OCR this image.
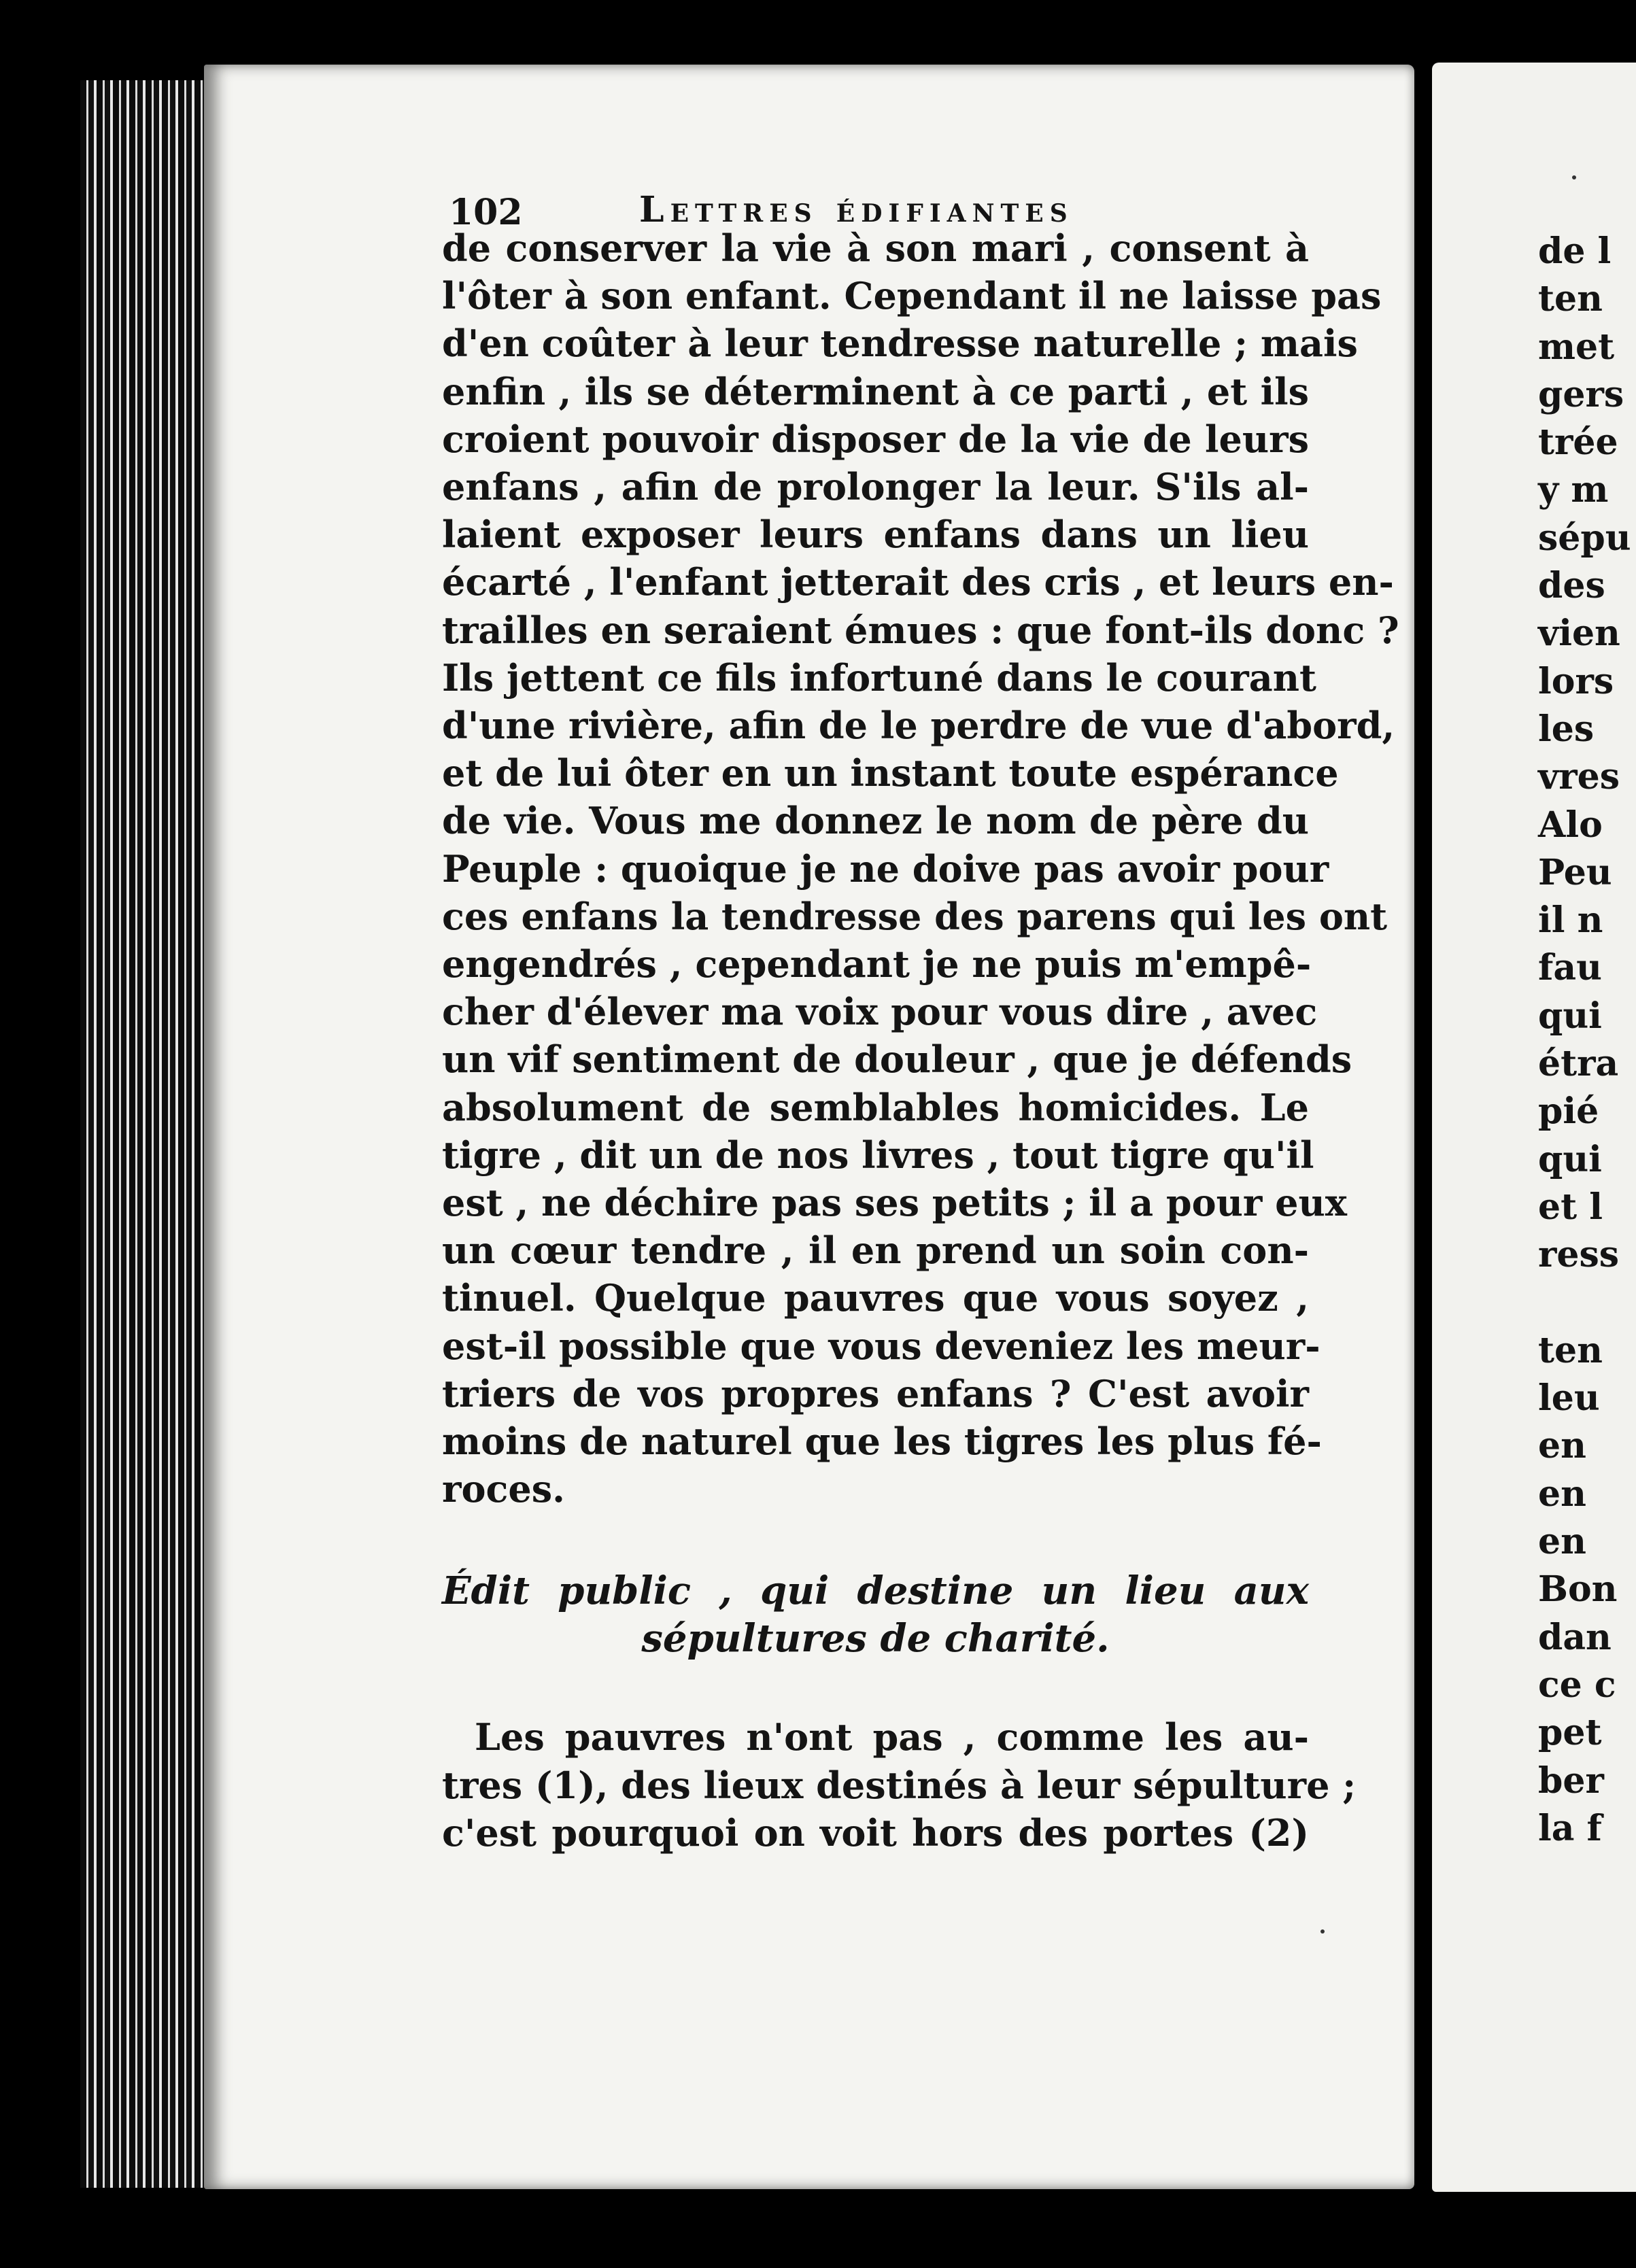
102	Lettres édifiantes
de conserver la vie à son mari , consent à
l'ôter à son enfant. Cependant il ne laisse pas
d'en coûter à leur tendresse naturelle ; mais
enfin , ils se déterminent à ce parti , et ils
croient pouvoir disposer de la vie de leurs
enfans , afin de prolonger la leur. S'ils al-
laient exposer leurs enfans dans un lieu
écarté , l'enfant jetterait des cris , et leurs en-
trailles en seraient émues : que font-ils donc ?
Ils jettent ce fils infortuné dans le courant
d'une rivière, afin de le perdre de vue d'abord,
et de lui ôter en un instant toute espérance
de vie. Vous me donnez le nom de père du
Peuple : quoique je ne doive pas avoir pour
ces enfans la tendresse des parens qui les ont
engendrés , cependant je ne puis m'empê-
cher d'élever ma voix pour vous dire , avec
un vif sentiment de douleur , que je défends
absolument de semblables homicides. Le
tigre , dit un de nos livres , tout tigre qu'il
est , ne déchire pas ses petits ; il a pour eux
un cœur tendre , il en prend un soin con-
tinuel. Quelque pauvres que vous soyez ,
est-il possible que vous deveniez les meur-
triers de vos propres enfans ? C'est avoir
moins de naturel que les tigres les plus fé-
roces.
Édit public , qui destine un lieu aux
sépultures de charité.
Les pauvres n'ont pas , comme les au-
tres (1), des lieux destinés à leur sépulture ;
c'est pourquoi on voit hors des portes (2)
de l
ten
met
gers
trée
y m
sépu
des
vien
lors
les
vres
Alo
Peu
il n
fau
qui
étra
pié
qui
et l
ress
ten
leu
en
en
en
Bon
dan
ce c
pet
ber
la f
